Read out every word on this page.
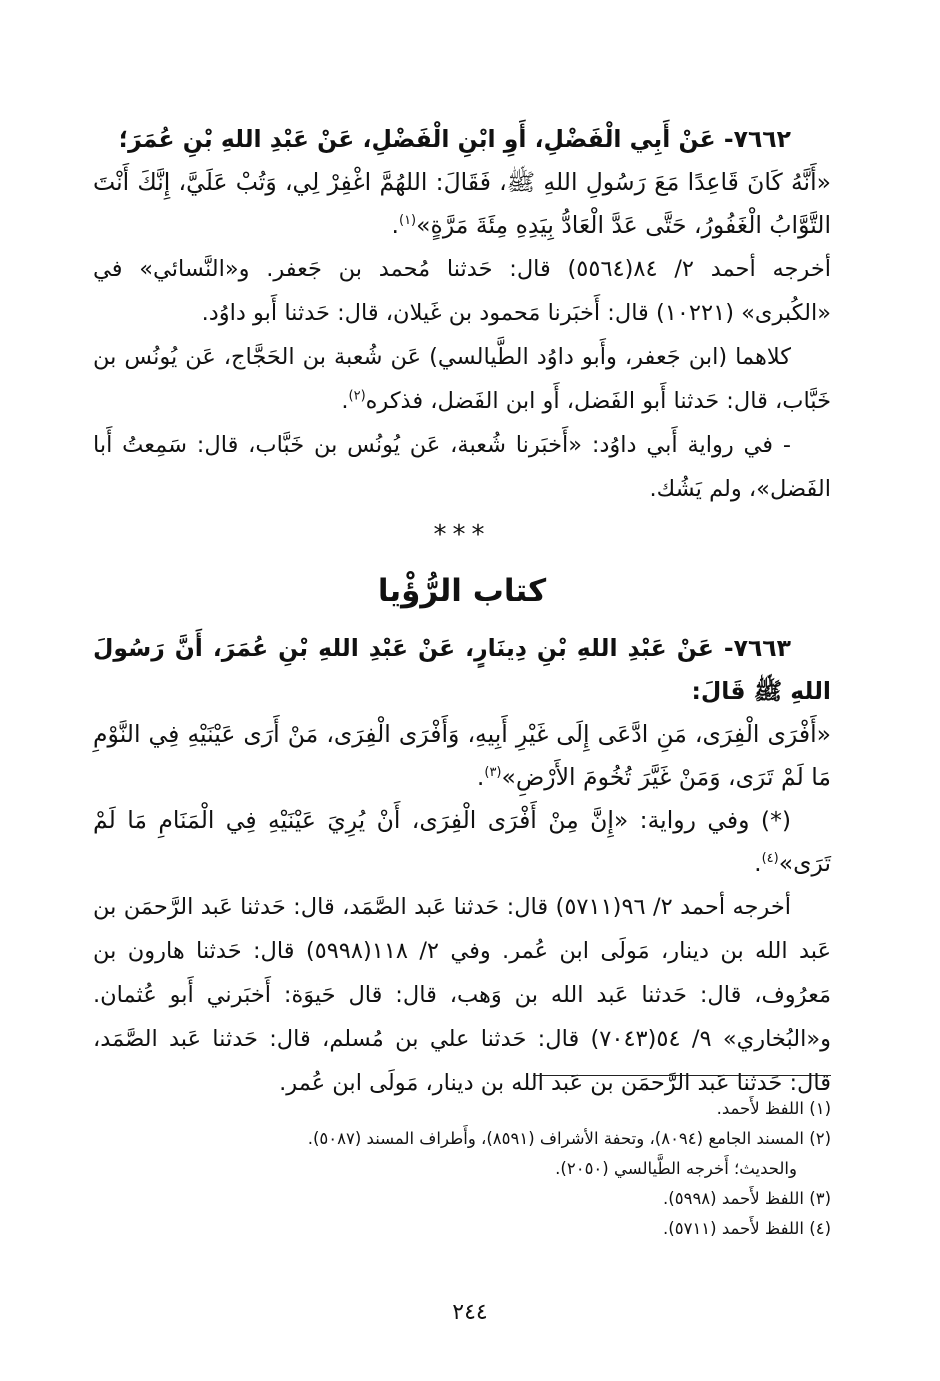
٧٦٦٢- عَنْ أَبِي الْفَضْلِ، أَوِ ابْنِ الْفَضْلِ، عَنْ عَبْدِ اللهِ بْنِ عُمَرَ؛

«أَنَّهُ كَانَ قَاعِدًا مَعَ رَسُولِ اللهِ ﷺ، فَقَالَ: اللهُمَّ اغْفِرْ لِي، وَتُبْ عَلَيَّ، إِنَّكَ أَنْتَ التَّوَّابُ الْغَفُورُ، حَتَّى عَدَّ الْعَادُّ بِيَدِهِ مِئَةَ مَرَّةٍ»$^{(١)}$.

أخرجه أحمد ٢/ ٨٤(٥٥٦٤) قال: حَدثنا مُحمد بن جَعفر. و«النَّسائي» في «الكُبرى» (١٠٢٢١) قال: أَخبَرنا مَحمود بن غَيلان، قال: حَدثنا أَبو داوُد.

كلاهما (ابن جَعفر، وأَبو داوُد الطَّيالسي) عَن شُعبة بن الحَجَّاج، عَن يُونُس بن خَبَّاب، قال: حَدثنا أَبو الفَضل، أَو ابن الفَضل، فذكره$^{(٢)}$.

- في رواية أَبي داوُد: «أَخبَرنا شُعبة، عَن يُونُس بن خَبَّاب، قال: سَمِعتُ أَبا الفَضل»، ولم يَشُك.

***
كتاب الرُّؤْيا

٧٦٦٣- عَنْ عَبْدِ اللهِ بْنِ دِينَارٍ، عَنْ عَبْدِ اللهِ بْنِ عُمَرَ، أَنَّ رَسُولَ اللهِ ﷺ قَالَ:

«أَفْرَى الْفِرَى، مَنِ ادَّعَى إِلَى غَيْرِ أَبِيهِ، وَأَفْرَى الْفِرَى، مَنْ أَرَى عَيْنَيْهِ فِي النَّوْمِ مَا لَمْ تَرَى، وَمَنْ غَيَّرَ تُخُومَ الأَرْضِ»$^{(٣)}$.

(*) وفي رواية: «إِنَّ مِنْ أَفْرَى الْفِرَى، أَنْ يُرِيَ عَيْنَيْهِ فِي الْمَنَامِ مَا لَمْ تَرَى»$^{(٤)}$.

أخرجه أحمد ٢/ ٩٦(٥٧١١) قال: حَدثنا عَبد الصَّمَد، قال: حَدثنا عَبد الرَّحمَن بن عَبد الله بن دينار، مَولَى ابن عُمر. وفي ٢/ ١١٨(٥٩٩٨) قال: حَدثنا هارون بن مَعرُوف، قال: حَدثنا عَبد الله بن وَهب، قال: قال حَيوَة: أَخبَرني أَبو عُثمان. و«البُخاري» ٩/ ٥٤(٧٠٤٣) قال: حَدثنا علي بن مُسلم، قال: حَدثنا عَبد الصَّمَد، قال: حَدثنا عَبد الرَّحمَن بن عَبد الله بن دينار، مَولَى ابن عُمر.

(١) اللفظ لأَحمد.

(٢) المسند الجامع (٨٠٩٤)، وتحفة الأشراف (٨٥٩١)، وأَطراف المسند (٥٠٨٧).

والحديث؛ أَخرجه الطَّيالسي (٢٠٥٠).

(٣) اللفظ لأَحمد (٥٩٩٨).

(٤) اللفظ لأَحمد (٥٧١١).

٢٤٤
